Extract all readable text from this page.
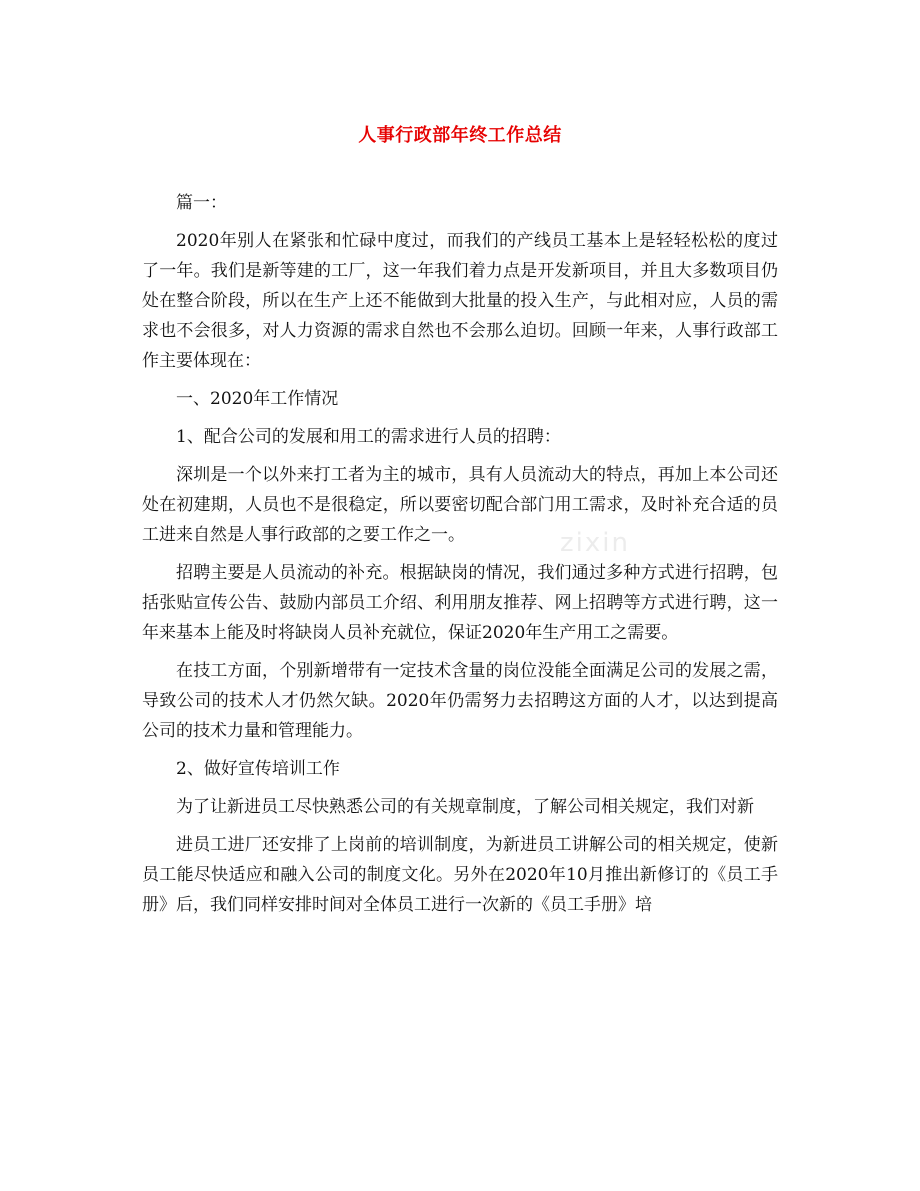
人事行政部年终工作总结

篇一：

2020年别人在紧张和忙碌中度过，而我们的产线员工基本上是轻轻松松的度过了一年。我们是新等建的工厂，这一年我们着力点是开发新项目，并且大多数项目仍处在整合阶段，所以在生产上还不能做到大批量的投入生产，与此相对应，人员的需求也不会很多，对人力资源的需求自然也不会那么迫切。回顾一年来，人事行政部工作主要体现在：

一、2020年工作情况

1、配合公司的发展和用工的需求进行人员的招聘：

深圳是一个以外来打工者为主的城市，具有人员流动大的特点，再加上本公司还处在初建期，人员也不是很稳定，所以要密切配合部门用工需求，及时补充合适的员工进来自然是人事行政部的之要工作之一。

招聘主要是人员流动的补充。根据缺岗的情况，我们通过多种方式进行招聘，包括张贴宣传公告、鼓励内部员工介绍、利用朋友推荐、网上招聘等方式进行聘，这一年来基本上能及时将缺岗人员补充就位，保证2020年生产用工之需要。

在技工方面，个别新增带有一定技术含量的岗位没能全面满足公司的发展之需，导致公司的技术人才仍然欠缺。2020年仍需努力去招聘这方面的人才，以达到提高公司的技术力量和管理能力。

2、做好宣传培训工作

为了让新进员工尽快熟悉公司的有关规章制度，了解公司相关规定，我们对新

进员工进厂还安排了上岗前的培训制度，为新进员工讲解公司的相关规定，使新员工能尽快适应和融入公司的制度文化。另外在2020年10月推出新修订的《员工手册》后，我们同样安排时间对全体员工进行一次新的《员工手册》培

zixin
